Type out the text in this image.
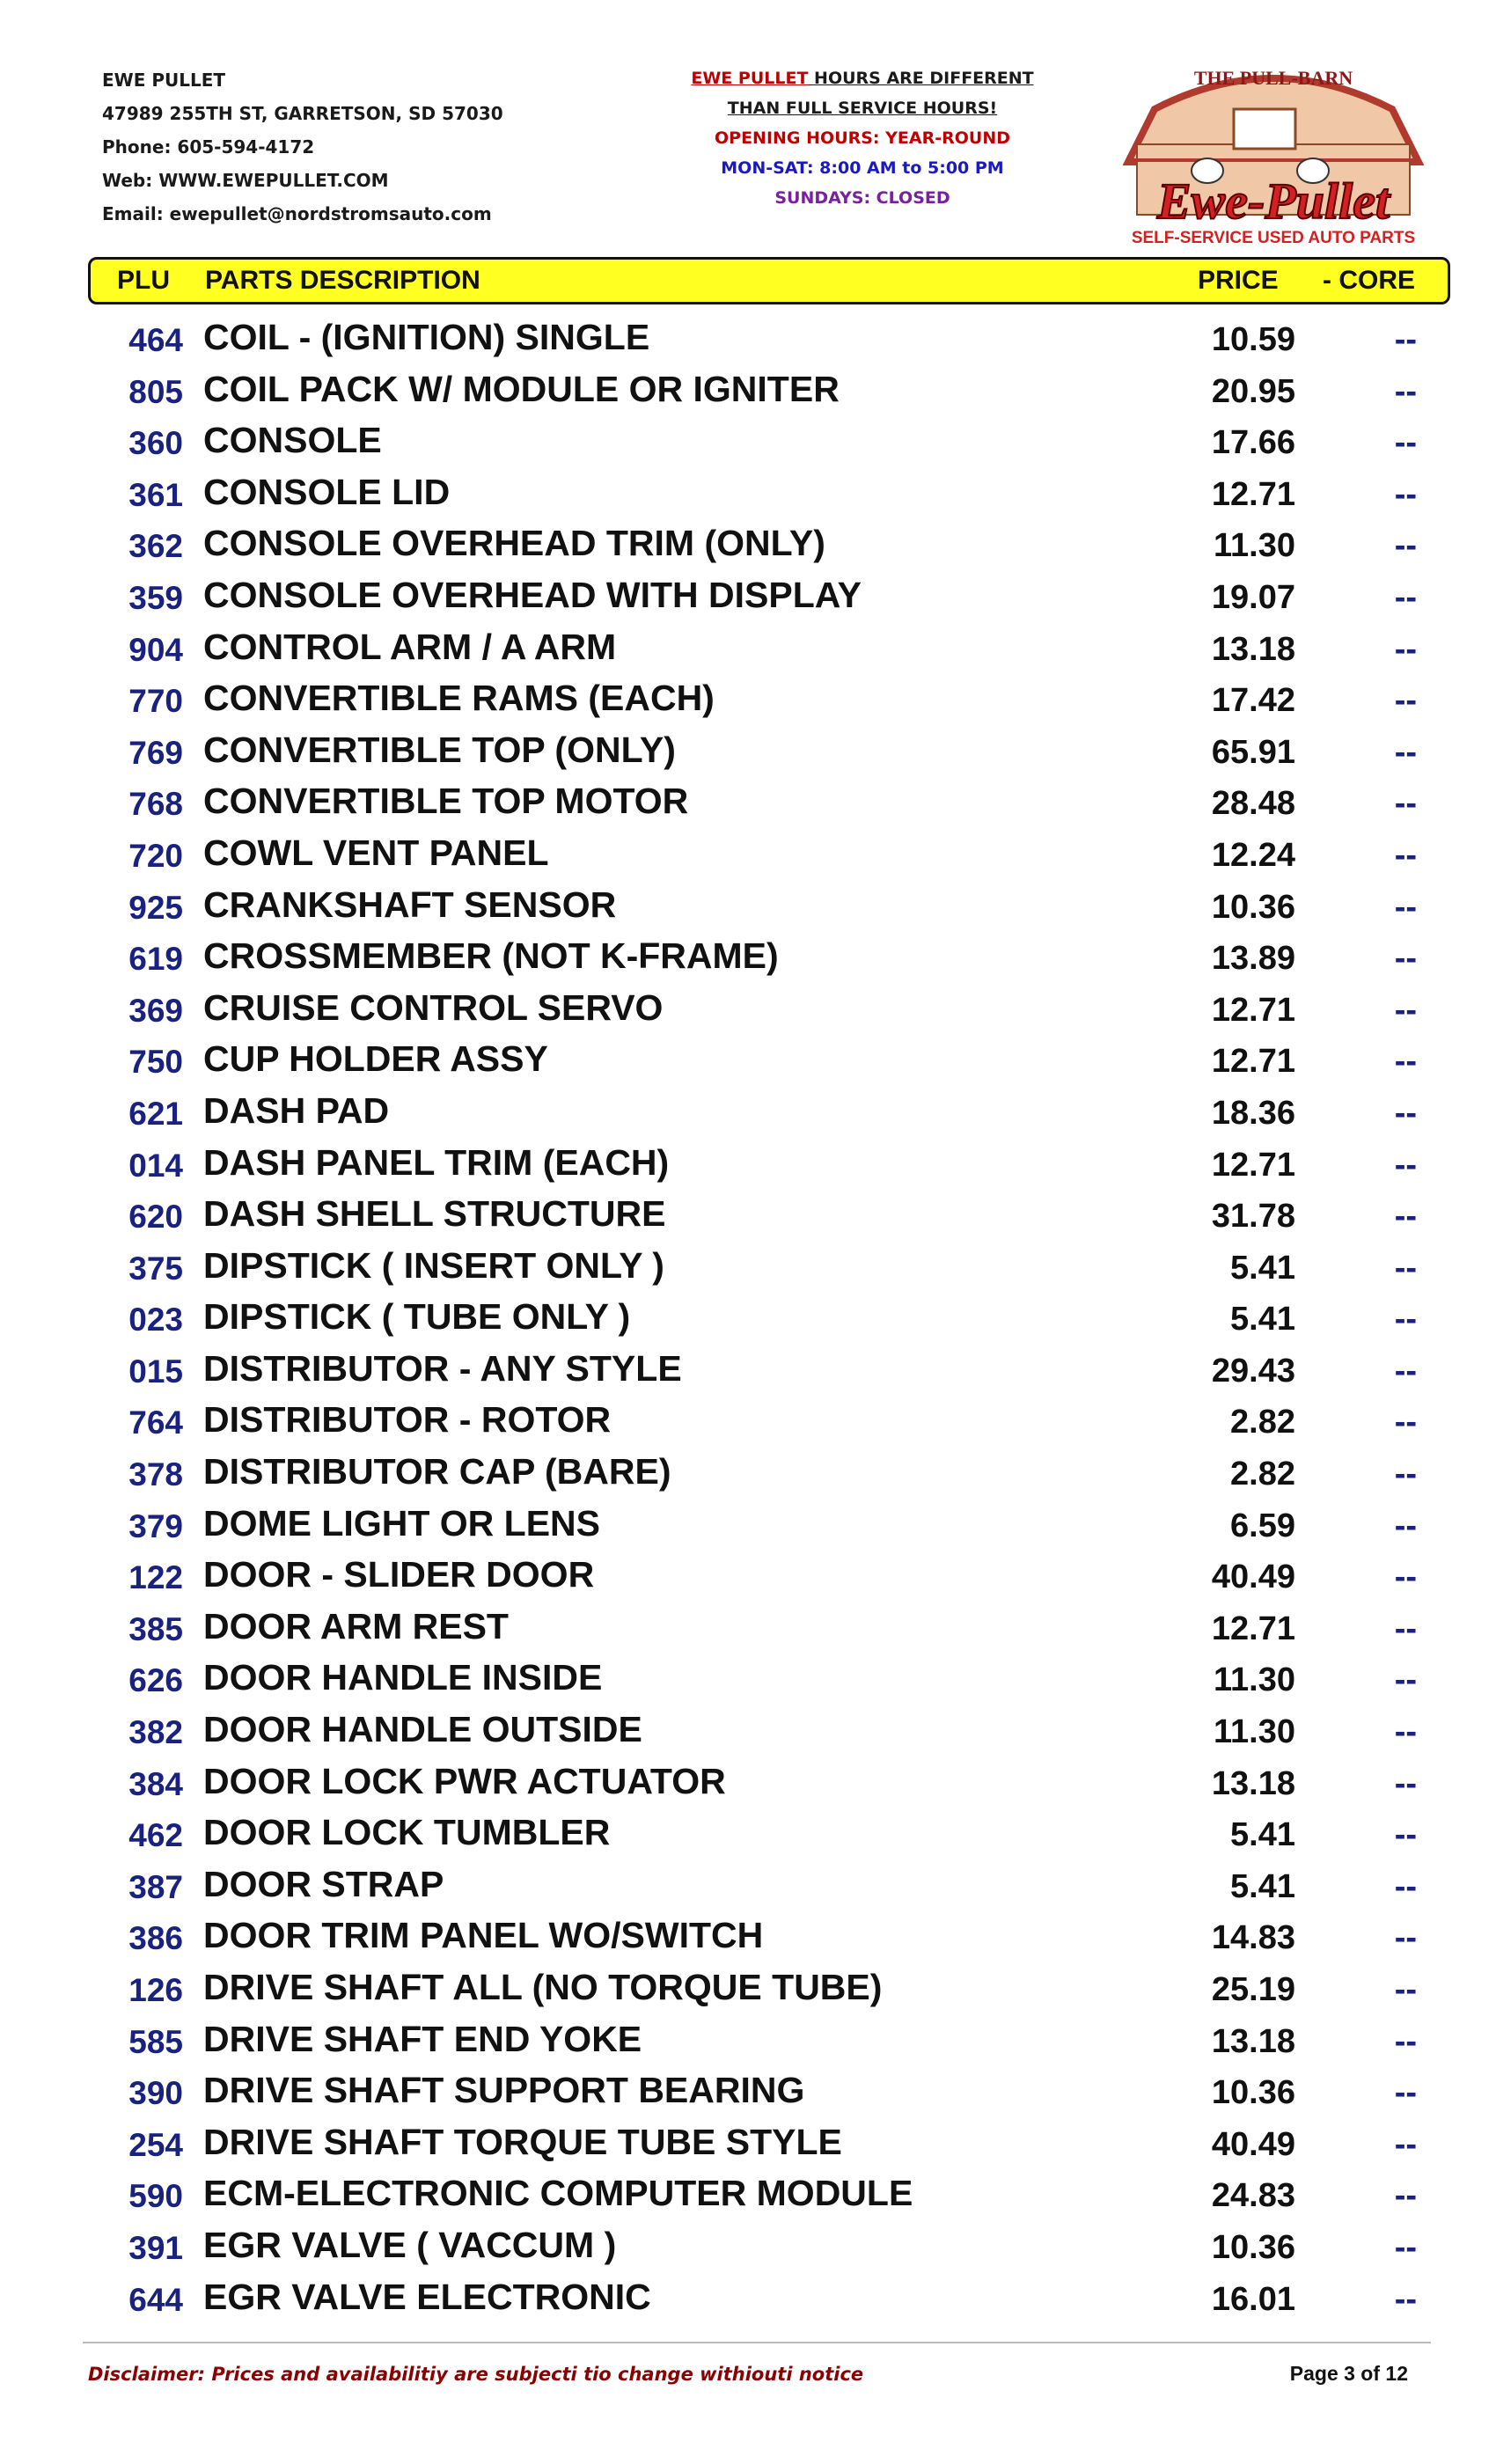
EWE PULLET
47989 255TH ST, GARRETSON, SD 57030
Phone: 605-594-4172
Web: WWW.EWEPULLET.COM
Email: ewepullet@nordstromsauto.com
EWE PULLET HOURS ARE DIFFERENT
THAN FULL SERVICE HOURS!
OPENING HOURS: YEAR-ROUND
MON-SAT: 8:00 AM to 5:00 PM
SUNDAYS: CLOSED
THE PULL-BARN
Ewe-Pullet
SELF-SERVICE USED AUTO PARTS
PLU PARTS DESCRIPTION	PRICE - CORE
464 COIL - (IGNITION) SINGLE	10.59	--
805 COIL PACK W/ MODULE OR IGNITER	20.95	--
360 CONSOLE	17.66	--
361 CONSOLE LID	12.71	--
362 CONSOLE OVERHEAD TRIM (ONLY)	11.30	--
359 CONSOLE OVERHEAD WITH DISPLAY	19.07	--
904 CONTROL ARM / A ARM	13.18	--
770 CONVERTIBLE RAMS (EACH)	17.42	--
769 CONVERTIBLE TOP (ONLY)	65.91	--
768 CONVERTIBLE TOP MOTOR	28.48	--
720 COWL VENT PANEL	12.24	--
925 CRANKSHAFT SENSOR	10.36	--
619 CROSSMEMBER (NOT K-FRAME)	13.89	--
369 CRUISE CONTROL SERVO	12.71	--
750 CUP HOLDER ASSY	12.71	--
621 DASH PAD	18.36	--
014 DASH PANEL TRIM (EACH)	12.71	--
620 DASH SHELL STRUCTURE	31.78	--
375 DIPSTICK ( INSERT ONLY )	5.41	--
023 DIPSTICK ( TUBE ONLY )	5.41	--
015 DISTRIBUTOR - ANY STYLE	29.43	--
764 DISTRIBUTOR - ROTOR	2.82	--
378 DISTRIBUTOR CAP (BARE)	2.82	--
379 DOME LIGHT OR LENS	6.59	--
122 DOOR - SLIDER DOOR	40.49	--
385 DOOR ARM REST	12.71	--
626 DOOR HANDLE INSIDE	11.30	--
382 DOOR HANDLE OUTSIDE	11.30	--
384 DOOR LOCK PWR ACTUATOR	13.18	--
462 DOOR LOCK TUMBLER	5.41	--
387 DOOR STRAP	5.41	--
386 DOOR TRIM PANEL WO/SWITCH	14.83	--
126 DRIVE SHAFT ALL (NO TORQUE TUBE)	25.19	--
585 DRIVE SHAFT END YOKE	13.18	--
390 DRIVE SHAFT SUPPORT BEARING	10.36	--
254 DRIVE SHAFT TORQUE TUBE STYLE	40.49	--
590 ECM-ELECTRONIC COMPUTER MODULE	24.83	--
391 EGR VALVE ( VACCUM )	10.36	--
644 EGR VALVE ELECTRONIC	16.01	--
Disclaimer: Prices and availabilitiy are subjecti tio change withiouti notice	Page 3 of 12
